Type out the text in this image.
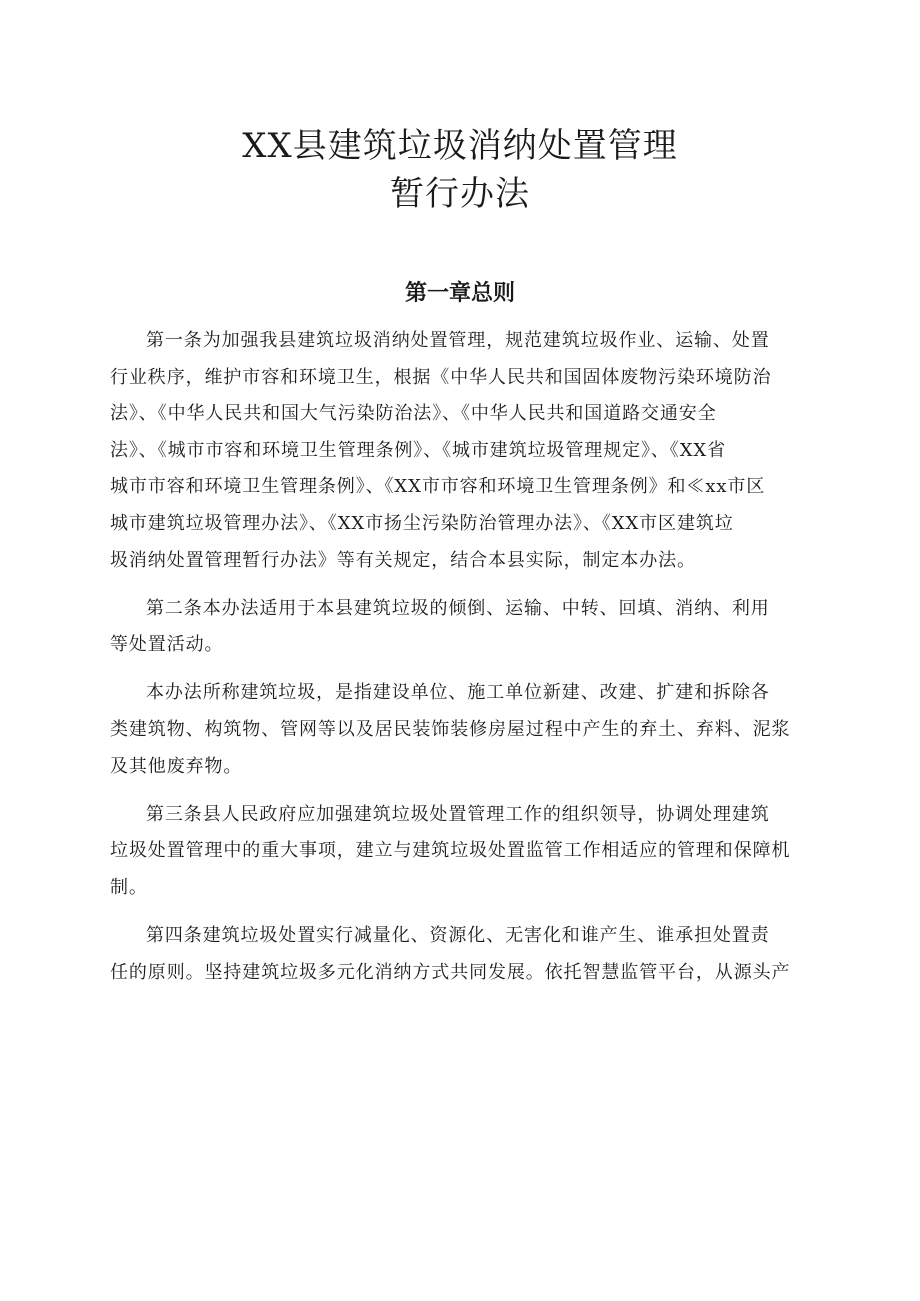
XX县建筑垃圾消纳处置管理
暂行办法
第一章总则

第一条为加强我县建筑垃圾消纳处置管理，规范建筑垃圾作业、运输、处置
行业秩序，维护市容和环境卫生，根据《中华人民共和国固体废物污染环境防治
法》、《中华人民共和国大气污染防治法》、《中华人民共和国道路交通安全
法》、《城市市容和环境卫生管理条例》、《城市建筑垃圾管理规定》、《XX省
城市市容和环境卫生管理条例》、《XX市市容和环境卫生管理条例》和≪xx市区
城市建筑垃圾管理办法》、《XX市扬尘污染防治管理办法》、《XX市区建筑垃
圾消纳处置管理暂行办法》等有关规定，结合本县实际，制定本办法。

第二条本办法适用于本县建筑垃圾的倾倒、运输、中转、回填、消纳、利用
等处置活动。

本办法所称建筑垃圾，是指建设单位、施工单位新建、改建、扩建和拆除各
类建筑物、构筑物、管网等以及居民装饰装修房屋过程中产生的弃土、弃料、泥浆
及其他废弃物。

第三条县人民政府应加强建筑垃圾处置管理工作的组织领导，协调处理建筑
垃圾处置管理中的重大事项，建立与建筑垃圾处置监管工作相适应的管理和保障机
制。

第四条建筑垃圾处置实行减量化、资源化、无害化和谁产生、谁承担处置责
任的原则。坚持建筑垃圾多元化消纳方式共同发展。依托智慧监管平台，从源头产
